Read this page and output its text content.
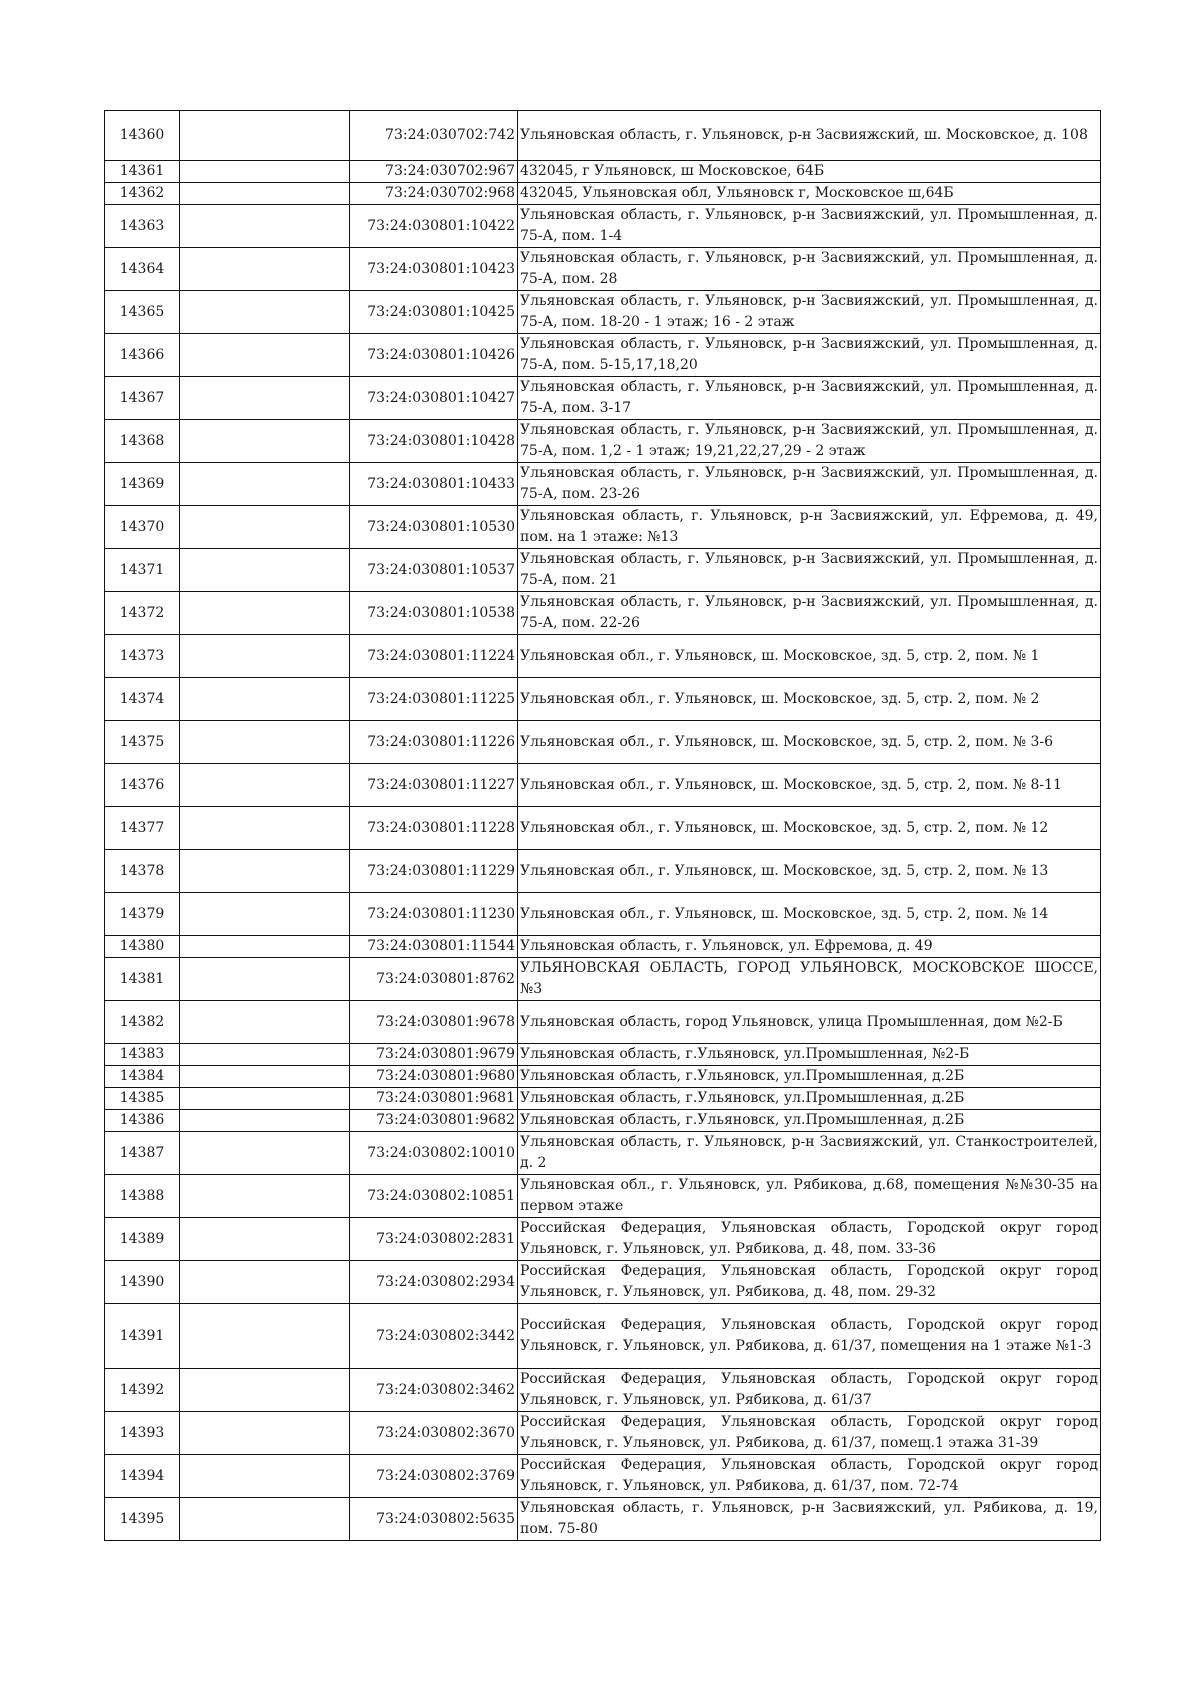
14360		73:24:030702:742	Ульяновская область, г. Ульяновск, р-н Засвияжский, ш. Московское, д. 108
14361		73:24:030702:967	432045, г Ульяновск, ш Московское, 64Б
14362		73:24:030702:968	432045, Ульяновская обл, Ульяновск г, Московское ш,64Б
14363		73:24:030801:10422	Ульяновская область, г. Ульяновск, р-н Засвияжский, ул. Промышленная, д. 75-А, пом. 1-4
14364		73:24:030801:10423	Ульяновская область, г. Ульяновск, р-н Засвияжский, ул. Промышленная, д. 75-А, пом. 28
14365		73:24:030801:10425	Ульяновская область, г. Ульяновск, р-н Засвияжский, ул. Промышленная, д. 75-А, пом. 18-20 - 1 этаж; 16 - 2 этаж
14366		73:24:030801:10426	Ульяновская область, г. Ульяновск, р-н Засвияжский, ул. Промышленная, д. 75-А, пом. 5-15,17,18,20
14367		73:24:030801:10427	Ульяновская область, г. Ульяновск, р-н Засвияжский, ул. Промышленная, д. 75-А, пом. 3-17
14368		73:24:030801:10428	Ульяновская область, г. Ульяновск, р-н Засвияжский, ул. Промышленная, д. 75-А, пом. 1,2 - 1 этаж; 19,21,22,27,29 - 2 этаж
14369		73:24:030801:10433	Ульяновская область, г. Ульяновск, р-н Засвияжский, ул. Промышленная, д. 75-А, пом. 23-26
14370		73:24:030801:10530	Ульяновская область, г. Ульяновск, р-н Засвияжский, ул. Ефремова, д. 49, пом. на 1 этаже: №13
14371		73:24:030801:10537	Ульяновская область, г. Ульяновск, р-н Засвияжский, ул. Промышленная, д. 75-А, пом. 21
14372		73:24:030801:10538	Ульяновская область, г. Ульяновск, р-н Засвияжский, ул. Промышленная, д. 75-А, пом. 22-26
14373		73:24:030801:11224	Ульяновская обл., г. Ульяновск, ш. Московское, зд. 5, стр. 2, пом. № 1
14374		73:24:030801:11225	Ульяновская обл., г. Ульяновск, ш. Московское, зд. 5, стр. 2, пом. № 2
14375		73:24:030801:11226	Ульяновская обл., г. Ульяновск, ш. Московское, зд. 5, стр. 2, пом. № 3-6
14376		73:24:030801:11227	Ульяновская обл., г. Ульяновск, ш. Московское, зд. 5, стр. 2, пом. № 8-11
14377		73:24:030801:11228	Ульяновская обл., г. Ульяновск, ш. Московское, зд. 5, стр. 2, пом. № 12
14378		73:24:030801:11229	Ульяновская обл., г. Ульяновск, ш. Московское, зд. 5, стр. 2, пом. № 13
14379		73:24:030801:11230	Ульяновская обл., г. Ульяновск, ш. Московское, зд. 5, стр. 2, пом. № 14
14380		73:24:030801:11544	Ульяновская область, г. Ульяновск, ул. Ефремова, д. 49
14381		73:24:030801:8762	УЛЬЯНОВСКАЯ ОБЛАСТЬ, ГОРОД УЛЬЯНОВСК, МОСКОВСКОЕ ШОССЕ, №3
14382		73:24:030801:9678	Ульяновская область, город Ульяновск, улица Промышленная, дом №2-Б
14383		73:24:030801:9679	Ульяновская область, г.Ульяновск, ул.Промышленная, №2-Б
14384		73:24:030801:9680	Ульяновская область, г.Ульяновск, ул.Промышленная, д.2Б
14385		73:24:030801:9681	Ульяновская область, г.Ульяновск, ул.Промышленная, д.2Б
14386		73:24:030801:9682	Ульяновская область, г.Ульяновск, ул.Промышленная, д.2Б
14387		73:24:030802:10010	Ульяновская область, г. Ульяновск, р-н Засвияжский, ул. Станкостроителей, д. 2
14388		73:24:030802:10851	Ульяновская обл., г. Ульяновск, ул. Рябикова, д.68, помещения №№30-35 на первом этаже
14389		73:24:030802:2831	Российская Федерация, Ульяновская область, Городской округ город Ульяновск, г. Ульяновск, ул. Рябикова, д. 48, пом. 33-36
14390		73:24:030802:2934	Российская Федерация, Ульяновская область, Городской округ город Ульяновск, г. Ульяновск, ул. Рябикова, д. 48, пом. 29-32
14391		73:24:030802:3442	Российская Федерация, Ульяновская область, Городской округ город Ульяновск, г. Ульяновск, ул. Рябикова, д. 61/37, помещения на 1 этаже №1-3
14392		73:24:030802:3462	Российская Федерация, Ульяновская область, Городской округ город Ульяновск, г. Ульяновск, ул. Рябикова, д. 61/37
14393		73:24:030802:3670	Российская Федерация, Ульяновская область, Городской округ город Ульяновск, г. Ульяновск, ул. Рябикова, д. 61/37, помещ.1 этажа 31-39
14394		73:24:030802:3769	Российская Федерация, Ульяновская область, Городской округ город Ульяновск, г. Ульяновск, ул. Рябикова, д. 61/37, пом. 72-74
14395		73:24:030802:5635	Ульяновская область, г. Ульяновск, р-н Засвияжский, ул. Рябикова, д. 19, пом. 75-80
